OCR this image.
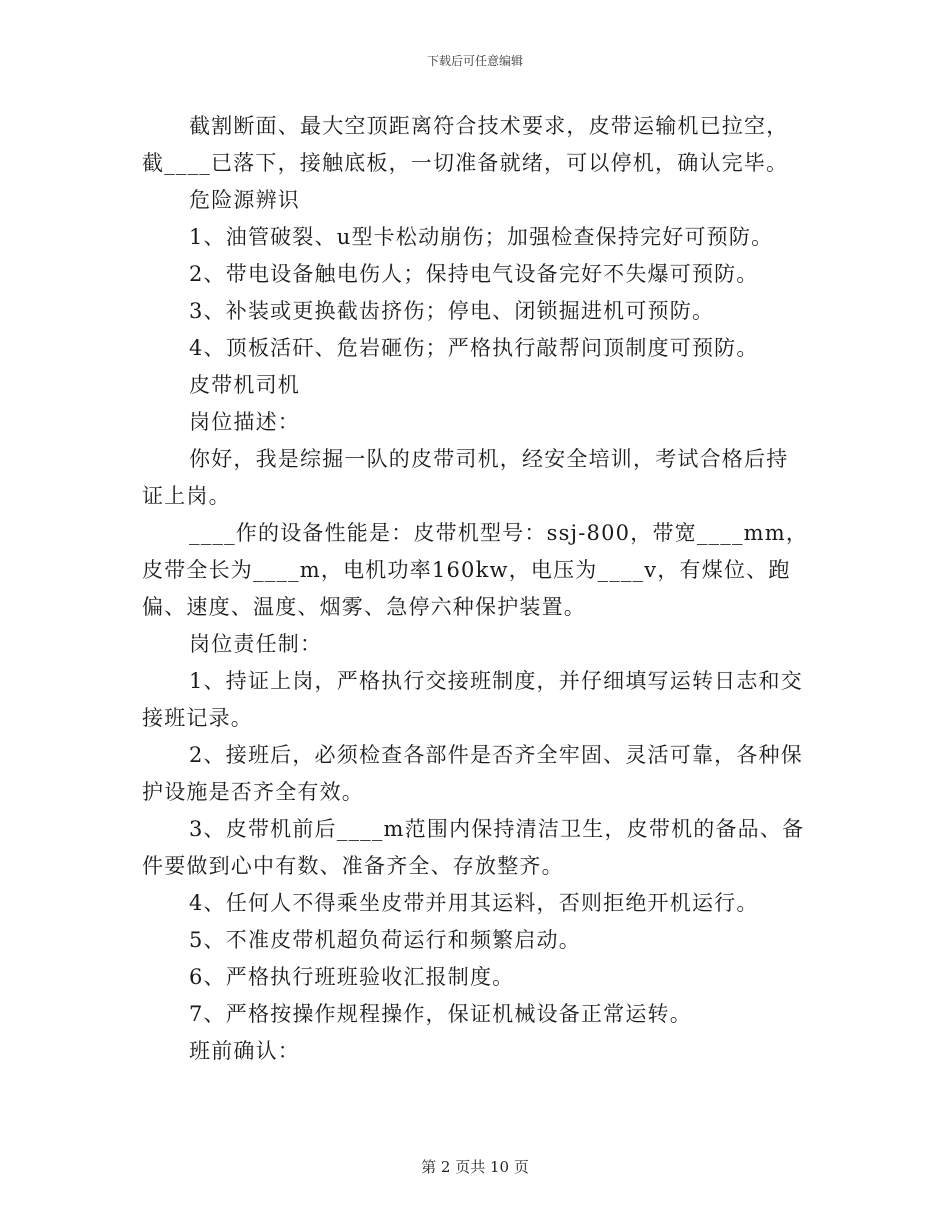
下载后可任意编辑

截割断面、最大空顶距离符合技术要求，皮带运输机已拉空，截____已落下，接触底板，一切准备就绪，可以停机，确认完毕。

危险源辨识

1、油管破裂、u型卡松动崩伤；加强检查保持完好可预防。

2、带电设备触电伤人；保持电气设备完好不失爆可预防。

3、补装或更换截齿挤伤；停电、闭锁掘进机可预防。

4、顶板活矸、危岩砸伤；严格执行敲帮问顶制度可预防。

皮带机司机

岗位描述：

你好，我是综掘一队的皮带司机，经安全培训，考试合格后持证上岗。

____作的设备性能是：皮带机型号：ssj-800，带宽____mm，皮带全长为____m，电机功率160kw，电压为____v，有煤位、跑偏、速度、温度、烟雾、急停六种保护装置。

岗位责任制：

1、持证上岗，严格执行交接班制度，并仔细填写运转日志和交接班记录。

2、接班后，必须检查各部件是否齐全牢固、灵活可靠，各种保护设施是否齐全有效。

3、皮带机前后____m范围内保持清洁卫生，皮带机的备品、备件要做到心中有数、准备齐全、存放整齐。

4、任何人不得乘坐皮带并用其运料，否则拒绝开机运行。

5、不准皮带机超负荷运行和频繁启动。

6、严格执行班班验收汇报制度。

7、严格按操作规程操作，保证机械设备正常运转。

班前确认：

第 2 页共 10 页
